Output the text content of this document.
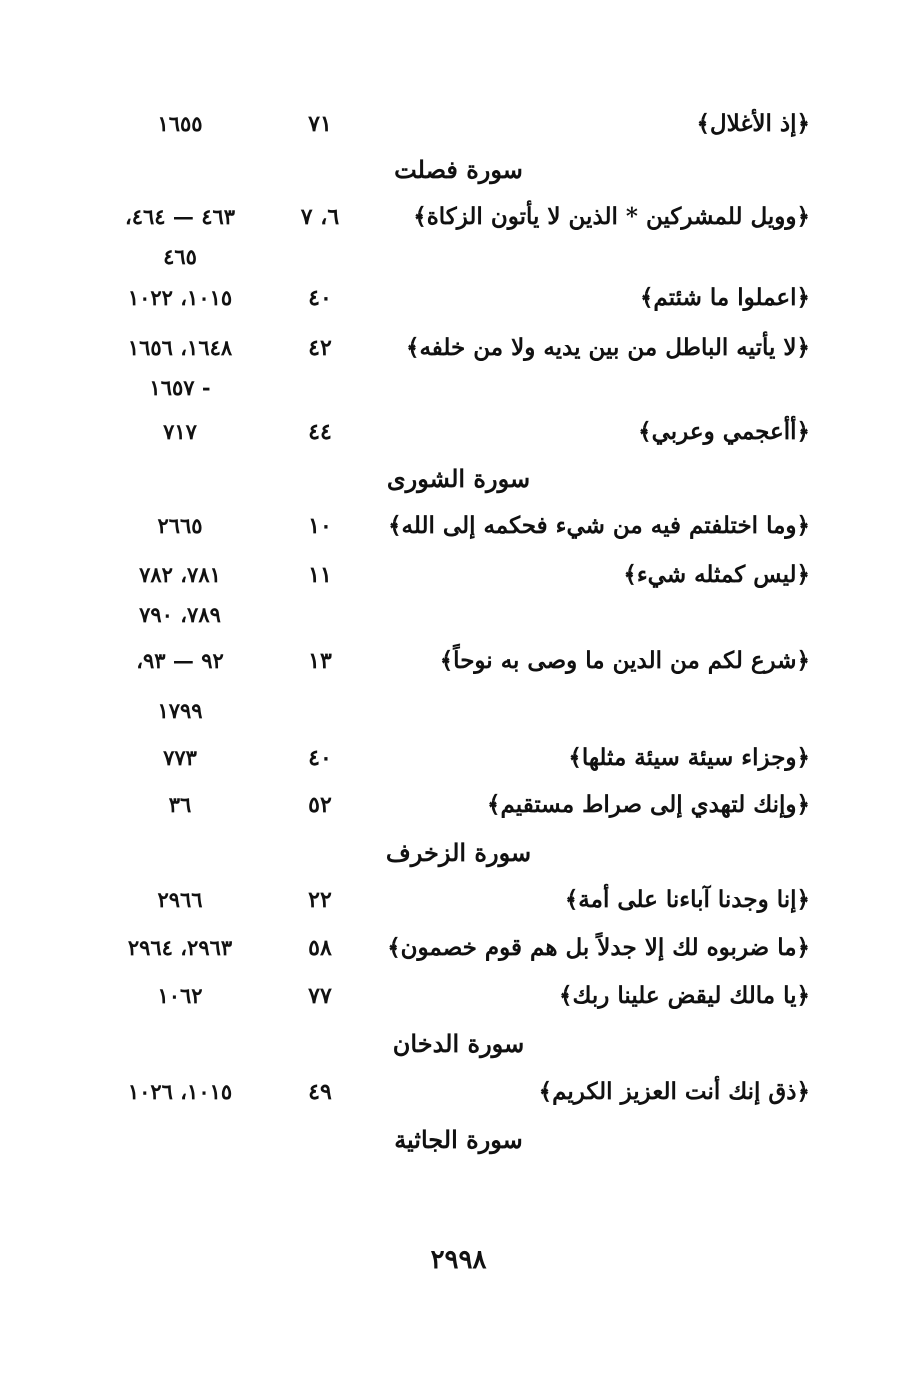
﴿إذ الأغلال﴾
٧١
١٦٥٥
سورة فصلت
﴿وويل للمشركين * الذين لا يأتون الزكاة﴾
٦، ٧
٤٦٣ — ٤٦٤،
٤٦٥
﴿اعملوا ما شئتم﴾
٤٠
١٠١٥، ١٠٢٢
﴿لا يأتيه الباطل من بين يديه ولا من خلفه﴾
٤٢
١٦٤٨، ١٦٥٦
- ١٦٥٧
﴿أأعجمي وعربي﴾
٤٤
٧١٧
سورة الشورى
﴿وما اختلفتم فيه من شيء فحكمه إلى الله﴾
١٠
٢٦٦٥
﴿ليس كمثله شيء﴾
١١
٧٨١، ٧٨٢
٧٨٩، ٧٩٠
﴿شرع لكم من الدين ما وصى به نوحاً﴾
١٣
٩٢ — ٩٣،
١٧٩٩
﴿وجزاء سيئة سيئة مثلها﴾
٤٠
٧٧٣
﴿وإنك لتهدي إلى صراط مستقيم﴾
٥٢
٣٦
سورة الزخرف
﴿إنا وجدنا آباءنا على أمة﴾
٢٢
٢٩٦٦
﴿ما ضربوه لك إلا جدلاً بل هم قوم خصمون﴾
٥٨
٢٩٦٣، ٢٩٦٤
﴿يا مالك ليقض علينا ربك﴾
٧٧
١٠٦٢
سورة الدخان
﴿ذق إنك أنت العزيز الكريم﴾
٤٩
١٠١٥، ١٠٢٦
سورة الجاثية
٢٩٩٨
